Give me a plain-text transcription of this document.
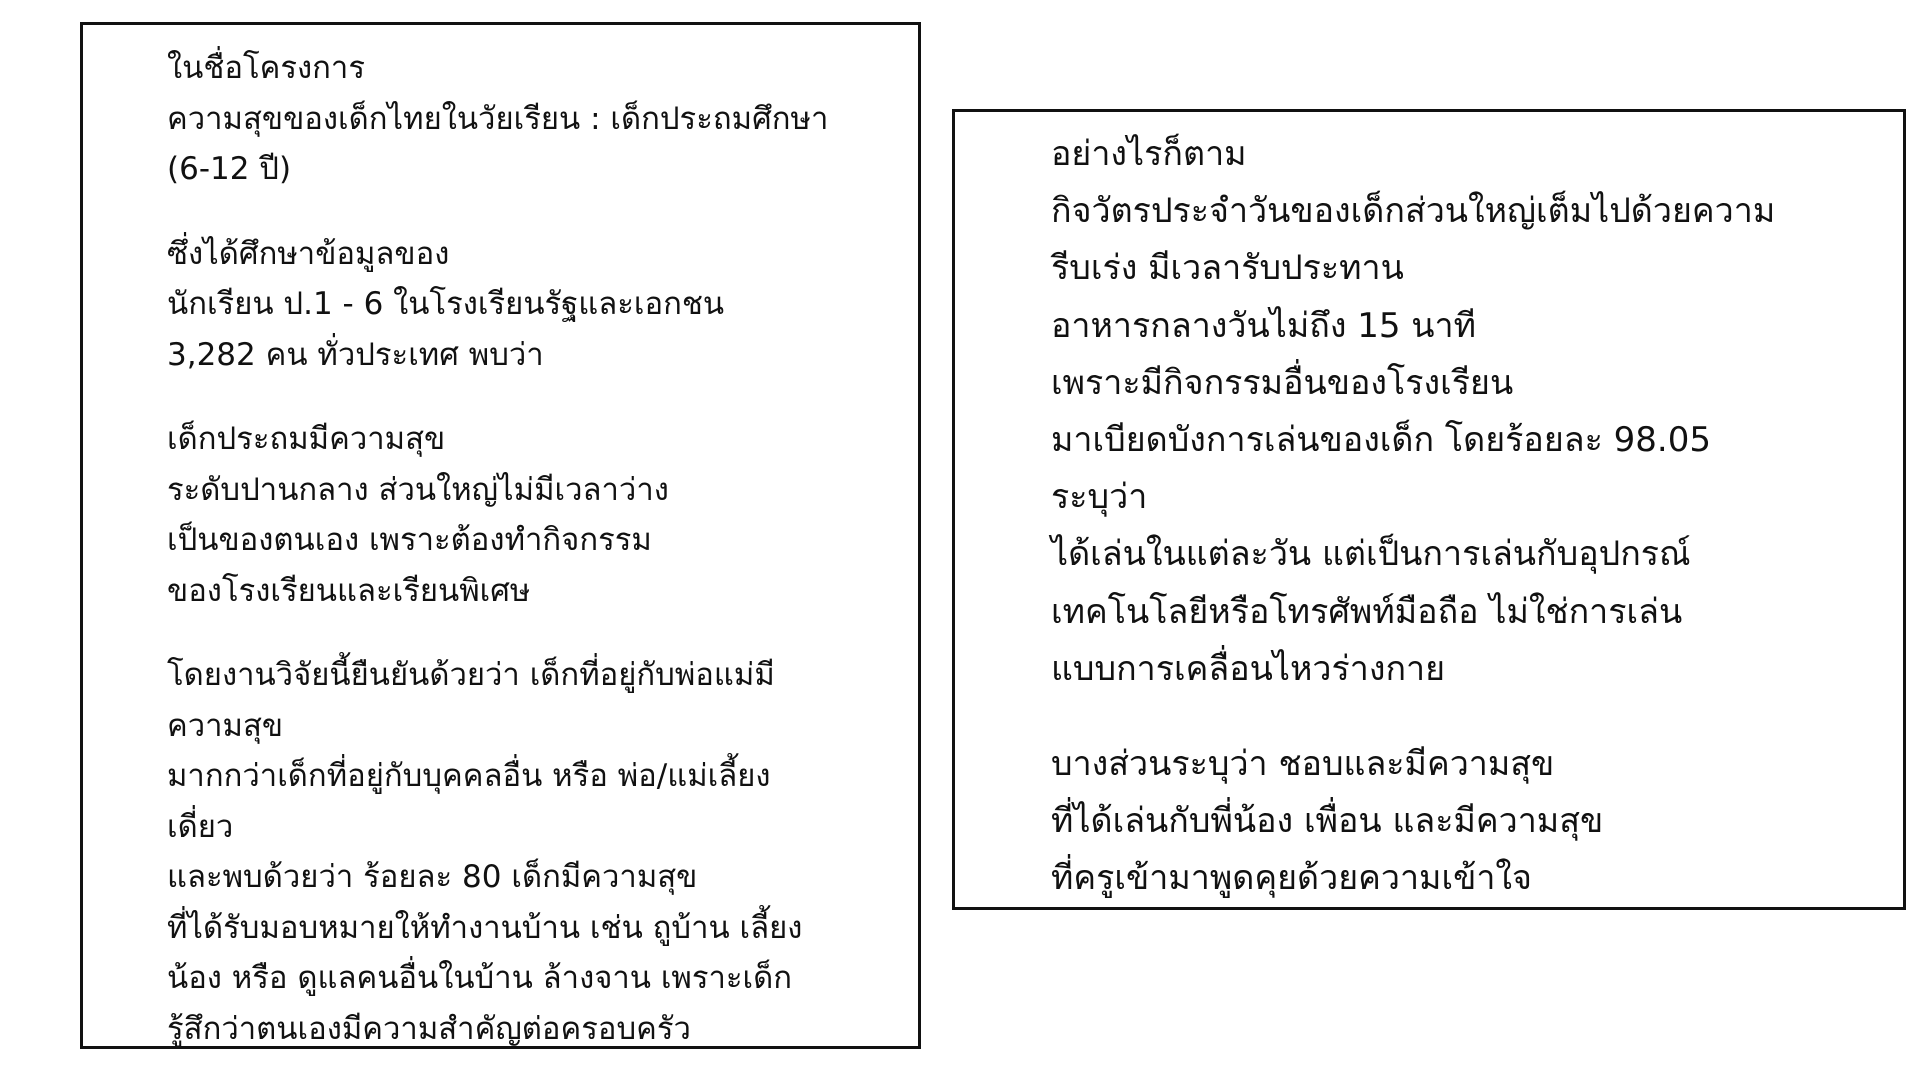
ในชื่อโครงการ
ความสุขของเด็กไทยในวัยเรียน : เด็กประถมศึกษา
(6-12 ปี)
ซึ่งได้ศึกษาข้อมูลของ
นักเรียน ป.1 - 6 ในโรงเรียนรัฐและเอกชน
3,282 คน ทั่วประเทศ พบว่า
เด็กประถมมีความสุข
ระดับปานกลาง ส่วนใหญ่ไม่มีเวลาว่าง
เป็นของตนเอง เพราะต้องทำกิจกรรม
ของโรงเรียนและเรียนพิเศษ
โดยงานวิจัยนี้ยืนยันด้วยว่า เด็กที่อยู่กับพ่อแม่มี
ความสุข
มากกว่าเด็กที่อยู่กับบุคคลอื่น หรือ พ่อ/แม่เลี้ยง
เดี่ยว
และพบด้วยว่า ร้อยละ 80 เด็กมีความสุข
ที่ได้รับมอบหมายให้ทำงานบ้าน เช่น ถูบ้าน เลี้ยง
น้อง หรือ ดูแลคนอื่นในบ้าน ล้างจาน เพราะเด็ก
รู้สึกว่าตนเองมีความสำคัญต่อครอบครัว
อย่างไรก็ตาม
กิจวัตรประจำวันของเด็กส่วนใหญ่เต็มไปด้วยความ
รีบเร่ง มีเวลารับประทาน
อาหารกลางวันไม่ถึง 15 นาที
เพราะมีกิจกรรมอื่นของโรงเรียน
มาเบียดบังการเล่นของเด็ก โดยร้อยละ 98.05
ระบุว่า
ได้เล่นในแต่ละวัน แต่เป็นการเล่นกับอุปกรณ์
เทคโนโลยีหรือโทรศัพท์มือถือ ไม่ใช่การเล่น
แบบการเคลื่อนไหวร่างกาย
บางส่วนระบุว่า ชอบและมีความสุข
ที่ได้เล่นกับพี่น้อง เพื่อน และมีความสุข
ที่ครูเข้ามาพูดคุยด้วยความเข้าใจ
